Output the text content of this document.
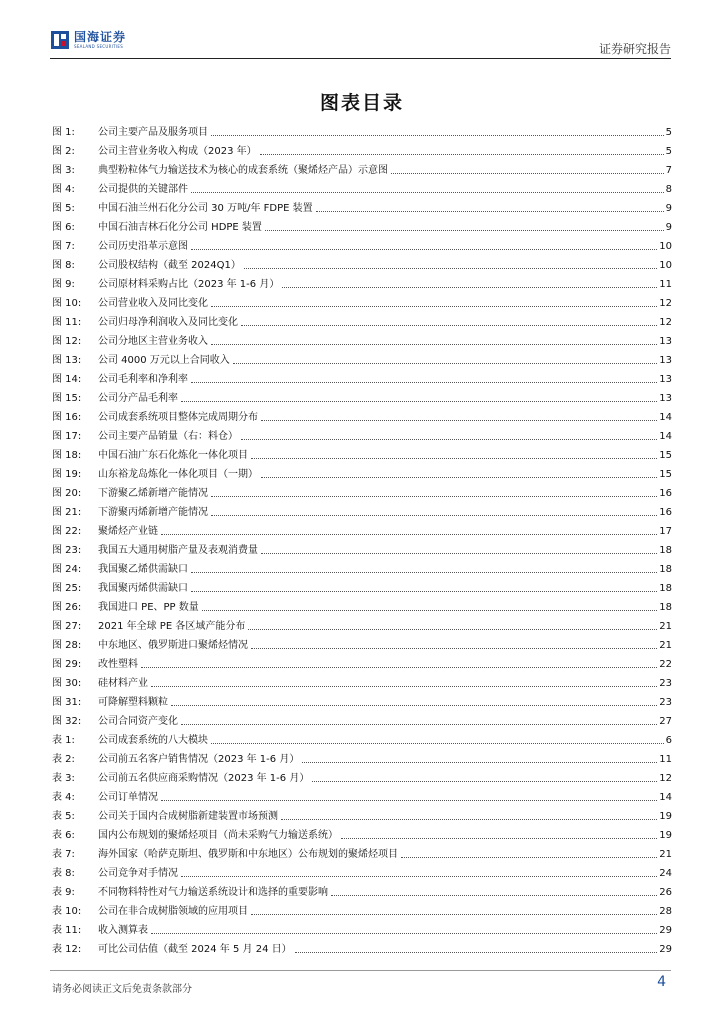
国海证券
SEALAND SECURITIES	证券研究报告
图表目录
图 1:	公司主要产品及服务项目	5
图 2:	公司主营业务收入构成（2023 年）	5
图 3:	典型粉粒体气力输送技术为核心的成套系统（聚烯烃产品）示意图	7
图 4:	公司提供的关键部件	8
图 5:	中国石油兰州石化分公司 30 万吨/年 FDPE 装置	9
图 6:	中国石油吉林石化分公司 HDPE 装置	9
图 7:	公司历史沿革示意图	10
图 8:	公司股权结构（截至 2024Q1）	10
图 9:	公司原材料采购占比（2023 年 1-6 月）	11
图 10:	公司营业收入及同比变化	12
图 11:	公司归母净利润收入及同比变化	12
图 12:	公司分地区主营业务收入	13
图 13:	公司 4000 万元以上合同收入	13
图 14:	公司毛利率和净利率	13
图 15:	公司分产品毛利率	13
图 16:	公司成套系统项目整体完成周期分布	14
图 17:	公司主要产品销量（右：料仓）	14
图 18:	中国石油广东石化炼化一体化项目	15
图 19:	山东裕龙岛炼化一体化项目（一期）	15
图 20:	下游聚乙烯新增产能情况	16
图 21:	下游聚丙烯新增产能情况	16
图 22:	聚烯烃产业链	17
图 23:	我国五大通用树脂产量及表观消费量	18
图 24:	我国聚乙烯供需缺口	18
图 25:	我国聚丙烯供需缺口	18
图 26:	我国进口 PE、PP 数量	18
图 27:	2021 年全球 PE 各区域产能分布	21
图 28:	中东地区、俄罗斯进口聚烯烃情况	21
图 29:	改性塑料	22
图 30:	硅材料产业	23
图 31:	可降解塑料颗粒	23
图 32:	公司合同资产变化	27
表 1:	公司成套系统的八大模块	6
表 2:	公司前五名客户销售情况（2023 年 1-6 月）	11
表 3:	公司前五名供应商采购情况（2023 年 1-6 月）	12
表 4:	公司订单情况	14
表 5:	公司关于国内合成树脂新建装置市场预测	19
表 6:	国内公布规划的聚烯烃项目（尚未采购气力输送系统）	19
表 7:	海外国家（哈萨克斯坦、俄罗斯和中东地区）公布规划的聚烯烃项目	21
表 8:	公司竞争对手情况	24
表 9:	不同物料特性对气力输送系统设计和选择的重要影响	26
表 10:	公司在非合成树脂领域的应用项目	28
表 11:	收入测算表	29
表 12:	可比公司估值（截至 2024 年 5 月 24 日）	29
请务必阅读正文后免责条款部分	4
